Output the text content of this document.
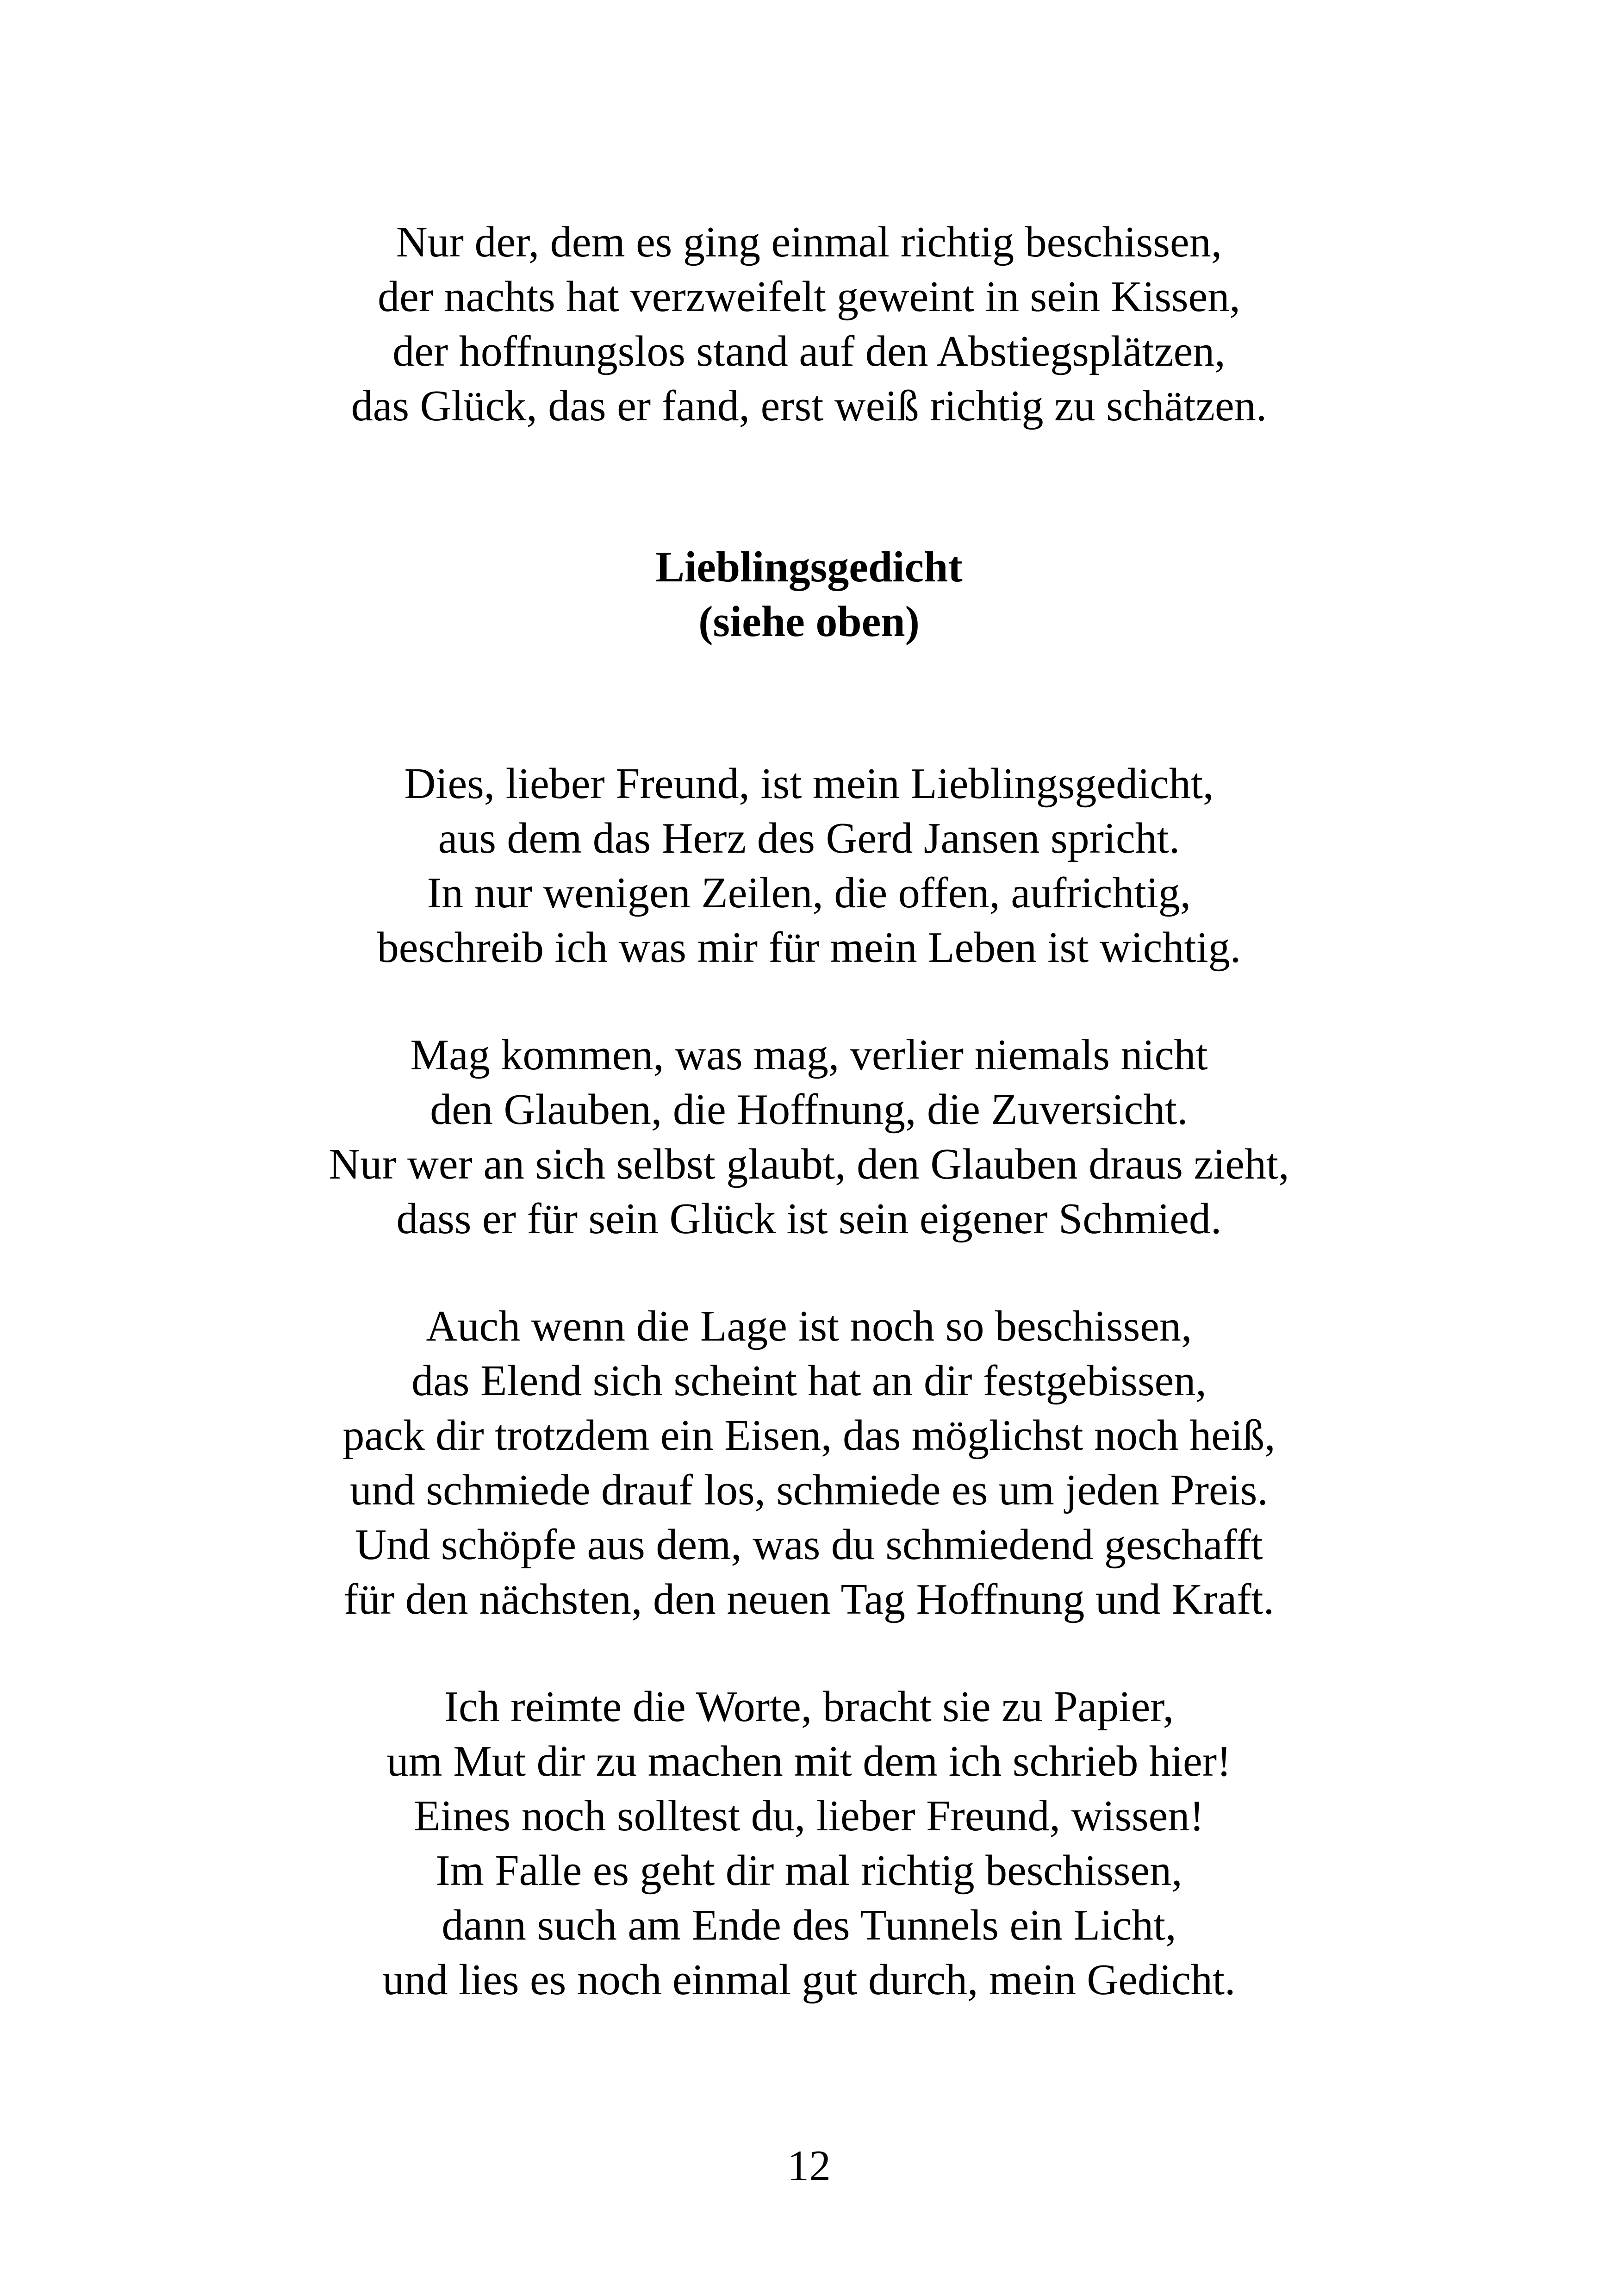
Nur der, dem es ging einmal richtig beschissen,
der nachts hat verzweifelt geweint in sein Kissen,
der hoffnungslos stand auf den Abstiegsplätzen,
das Glück, das er fand, erst weiß richtig zu schätzen.
Lieblingsgedicht
(siehe oben)
Dies, lieber Freund, ist mein Lieblingsgedicht,
aus dem das Herz des Gerd Jansen spricht.
In nur wenigen Zeilen, die offen, aufrichtig,
beschreib ich was mir für mein Leben ist wichtig.
Mag kommen, was mag, verlier niemals nicht
den Glauben, die Hoffnung, die Zuversicht.
Nur wer an sich selbst glaubt, den Glauben draus zieht,
dass er für sein Glück ist sein eigener Schmied.
Auch wenn die Lage ist noch so beschissen,
das Elend sich scheint hat an dir festgebissen,
pack dir trotzdem ein Eisen, das möglichst noch heiß,
und schmiede drauf los, schmiede es um jeden Preis.
Und schöpfe aus dem, was du schmiedend geschafft
für den nächsten, den neuen Tag Hoffnung und Kraft.
Ich reimte die Worte, bracht sie zu Papier,
um Mut dir zu machen mit dem ich schrieb hier!
Eines noch solltest du, lieber Freund, wissen!
Im Falle es geht dir mal richtig beschissen,
dann such am Ende des Tunnels ein Licht,
und lies es noch einmal gut durch, mein Gedicht.
12
